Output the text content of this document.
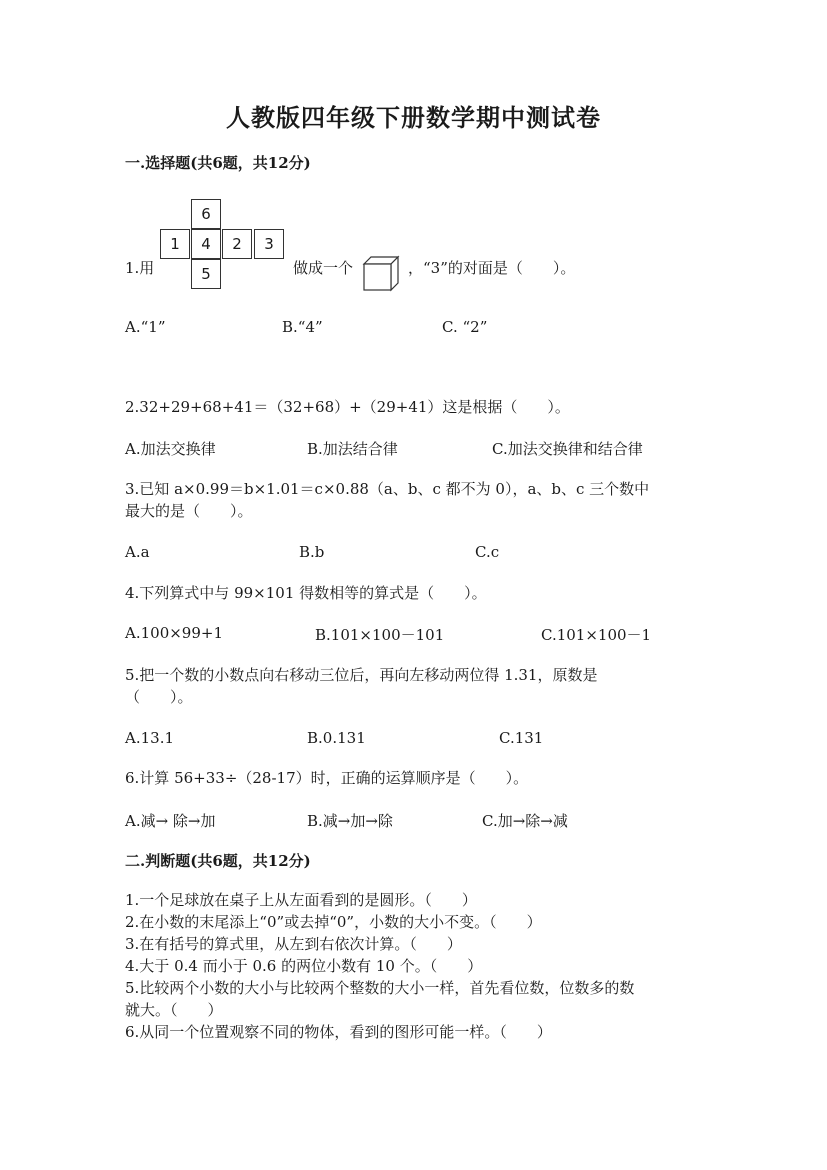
人教版四年级下册数学期中测试卷
一.选择题(共6题，共12分)
1.用
6
1	4	2	3
5	做成一个	，“3”的对面是（　　）。
A.“1”	B.“4”	C. “2”
2.32+29+68+41＝（32+68）+（29+41）这是根据（　　）。
A.加法交换律	B.加法结合律	C.加法交换律和结合律
3.已知 a×0.99＝b×1.01＝c×0.88（a、b、c 都不为 0），a、b、c 三个数中
最大的是（　　）。
A.a	B.b	C.c
4.下列算式中与 99×101 得数相等的算式是（　　）。
A.100×99+1	B.101×100－101	C.101×100－1
5.把一个数的小数点向右移动三位后，再向左移动两位得 1.31，原数是
（　　）。
A.13.1	B.0.131	C.131
6.计算 56+33÷（28-17）时，正确的运算顺序是（　　）。
A.减→ 除→加	B.减→加→除	C.加→除→减
二.判断题(共6题，共12分)
1.一个足球放在桌子上从左面看到的是圆形。（　　）
2.在小数的末尾添上“0”或去掉“0”，小数的大小不变。（　　）
3.在有括号的算式里，从左到右依次计算。（　　）
4.大于 0.4 而小于 0.6 的两位小数有 10 个。（　　）
5.比较两个小数的大小与比较两个整数的大小一样，首先看位数，位数多的数
就大。（　　）
6.从同一个位置观察不同的物体，看到的图形可能一样。（　　）
